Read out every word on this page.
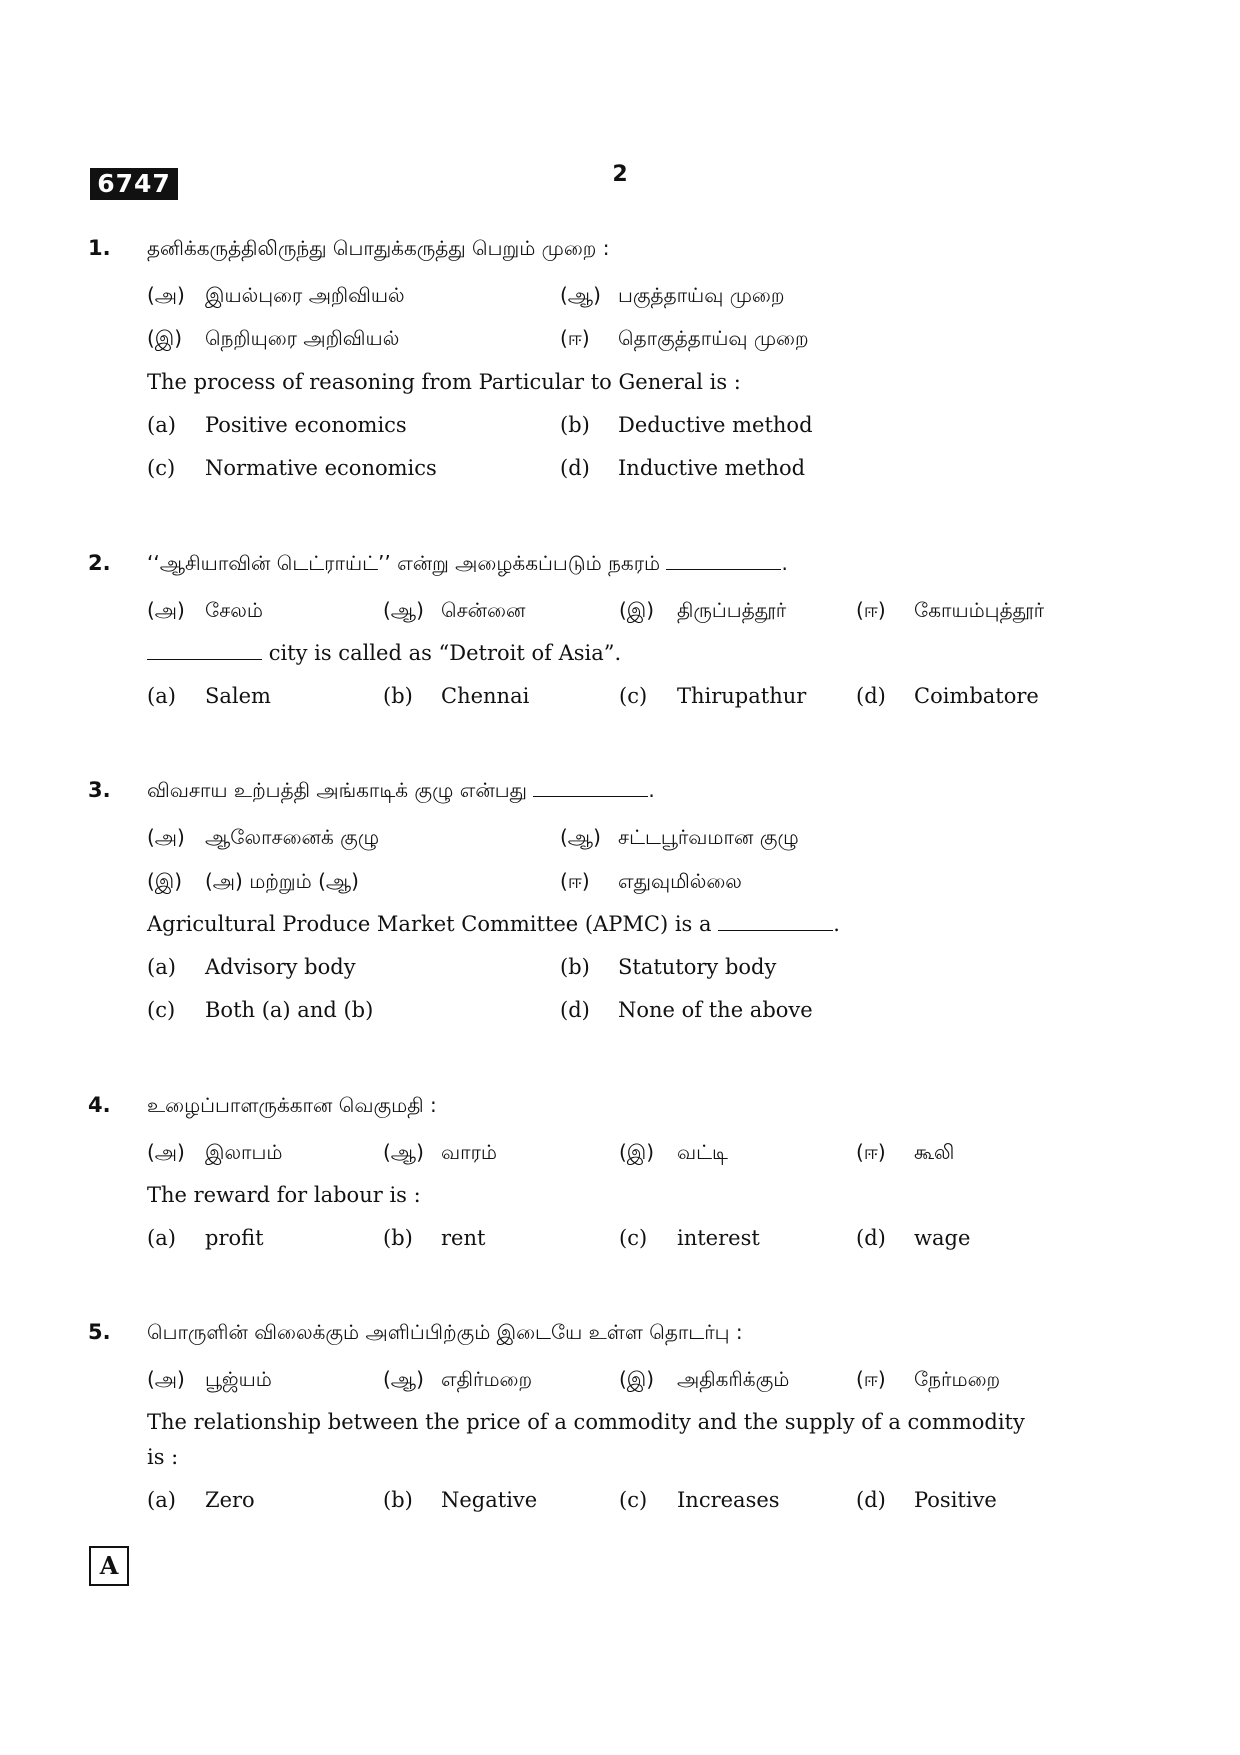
6747	2
1. தனிக்கருத்திலிருந்து பொதுக்கருத்து பெறும் முறை :
(அ) இயல்புரை அறிவியல்	(ஆ) பகுத்தாய்வு முறை
(இ) நெறியுரை அறிவியல்	(ஈ) தொகுத்தாய்வு முறை
The process of reasoning from Particular to General is :
(a) Positive economics	(b) Deductive method
(c) Normative economics	(d) Inductive method
2. ‘‘ஆசியாவின் டெட்ராய்ட்’’ என்று அழைக்கப்படும் நகரம்	.
(அ) சேலம்	(ஆ) சென்னை	(இ) திருப்பத்தூர்	(ஈ) கோயம்புத்தூர்
city is called as “Detroit of Asia”.
(a) Salem	(b) Chennai	(c) Thirupathur (d) Coimbatore
3. விவசாய உற்பத்தி அங்காடிக் குழு என்பது	.
(அ) ஆலோசனைக் குழு	(ஆ) சட்டபூர்வமான குழு
(இ) (அ) மற்றும் (ஆ)	(ஈ) எதுவுமில்லை
Agricultural Produce Market Committee (APMC) is a	.
(a) Advisory body	(b) Statutory body
(c) Both (a) and (b)	(d) None of the above
4. உழைப்பாளருக்கான வெகுமதி :
(அ) இலாபம்	(ஆ) வாரம்	(இ) வட்டி	(ஈ) கூலி
The reward for labour is :
(a) profit	(b) rent	(c) interest	(d) wage
5. பொருளின் விலைக்கும் அளிப்பிற்கும் இடையே உள்ள தொடர்பு :
(அ) பூஜ்யம்	(ஆ) எதிர்மறை	(இ) அதிகரிக்கும்	(ஈ) நேர்மறை
The relationship between the price of a commodity and the supply of a commodity
is :
(a) Zero	(b) Negative	(c) Increases	(d) Positive
A
